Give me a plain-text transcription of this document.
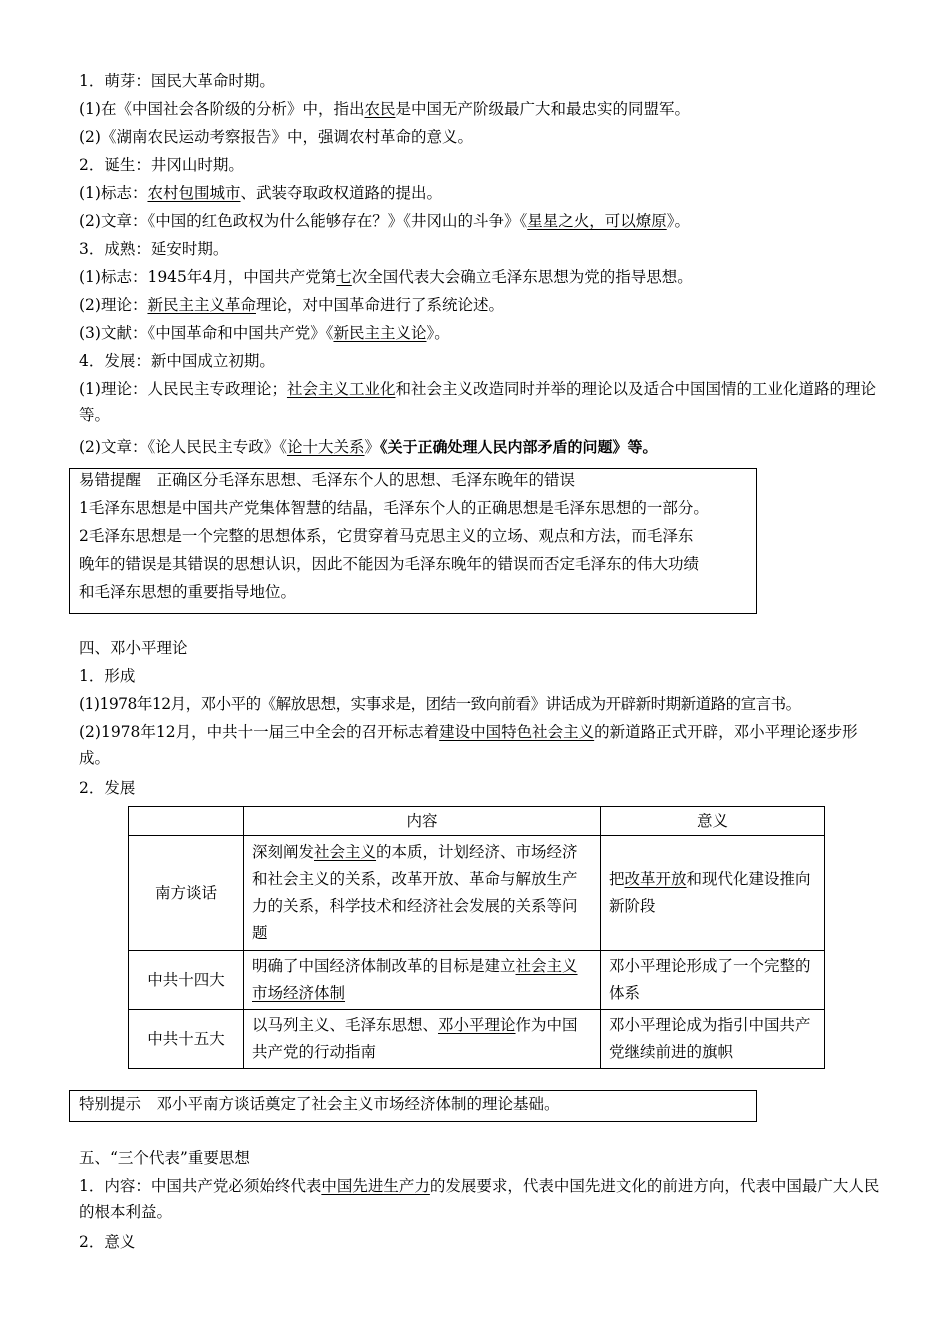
1．萌芽：国民大革命时期。
(1)在《中国社会各阶级的分析》中，指出农民是中国无产阶级最广大和最忠实的同盟军。
(2)《湖南农民运动考察报告》中，强调农村革命的意义。
2．诞生：井冈山时期。
(1)标志：农村包围城市、武装夺取政权道路的提出。
(2)文章：《中国的红色政权为什么能够存在？》《井冈山的斗争》《星星之火，可以燎原》。
3．成熟：延安时期。
(1)标志：1945年4月，中国共产党第七次全国代表大会确立毛泽东思想为党的指导思想。
(2)理论：新民主主义革命理论，对中国革命进行了系统论述。
(3)文献：《中国革命和中国共产党》《新民主主义论》。
4．发展：新中国成立初期。
(1)理论：人民民主专政理论；社会主义工业化和社会主义改造同时并举的理论以及适合中国国情的工业化道路的理论等。
(2)文章：《论人民民主专政》《论十大关系》《关于正确处理人民内部矛盾的问题》等。
易错提醒　正确区分毛泽东思想、毛泽东个人的思想、毛泽东晚年的错误
1毛泽东思想是中国共产党集体智慧的结晶，毛泽东个人的正确思想是毛泽东思想的一部分。
2毛泽东思想是一个完整的思想体系，它贯穿着马克思主义的立场、观点和方法，而毛泽东
晚年的错误是其错误的思想认识，因此不能因为毛泽东晚年的错误而否定毛泽东的伟大功绩
和毛泽东思想的重要指导地位。
四、邓小平理论
1．形成
(1)1978年12月，邓小平的《解放思想，实事求是，团结一致向前看》讲话成为开辟新时期新道路的宣言书。
(2)1978年12月，中共十一届三中全会的召开标志着建设中国特色社会主义的新道路正式开辟，邓小平理论逐步形成。
2．发展
	内容	意义
南方谈话	深刻阐发社会主义的本质，计划经济、市场经济和社会主义的关系，改革开放、革命与解放生产力的关系，科学技术和经济社会发展的关系等问题	把改革开放和现代化建设推向新阶段
中共十四大	明确了中国经济体制改革的目标是建立社会主义市场经济体制	邓小平理论形成了一个完整的体系
中共十五大	以马列主义、毛泽东思想、邓小平理论作为中国共产党的行动指南	邓小平理论成为指引中国共产党继续前进的旗帜
特别提示　邓小平南方谈话奠定了社会主义市场经济体制的理论基础。
五、“三个代表”重要思想
1．内容：中国共产党必须始终代表中国先进生产力的发展要求，代表中国先进文化的前进方向，代表中国最广大人民的根本利益。
2．意义
